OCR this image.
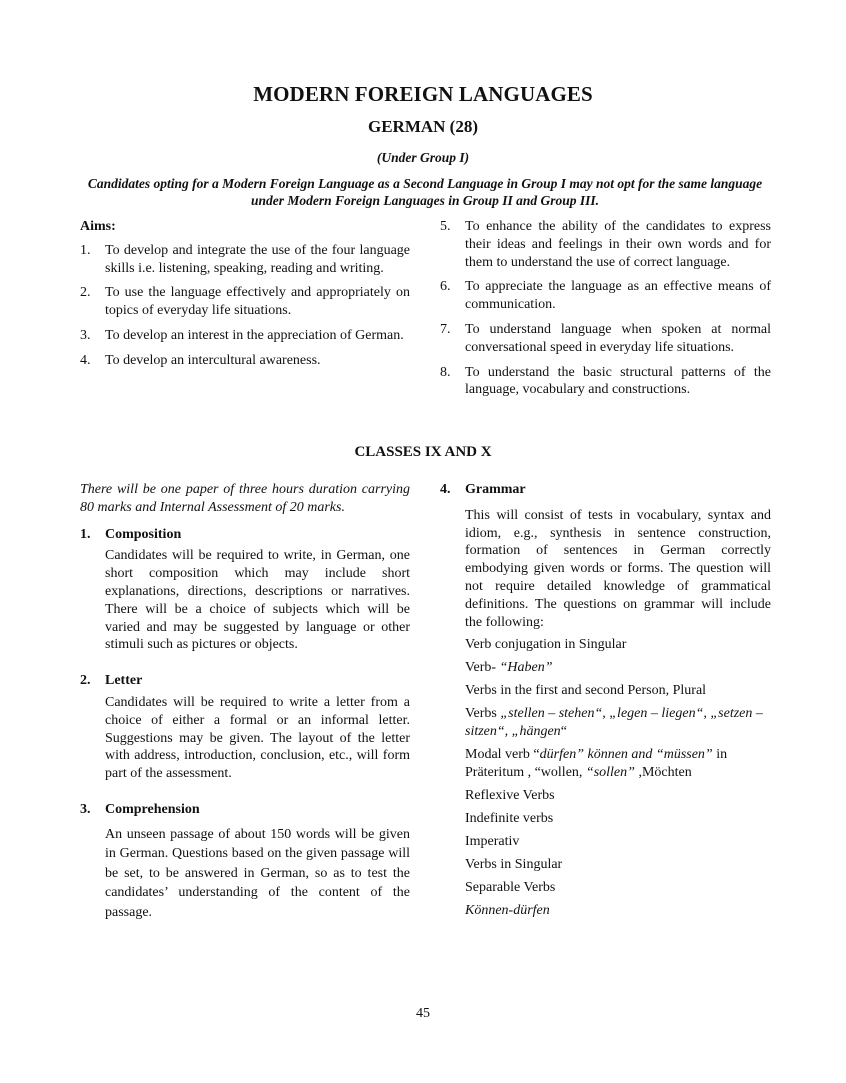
MODERN FOREIGN LANGUAGES
GERMAN (28)
(Under Group I)
Candidates opting for a Modern Foreign Language as a Second Language in Group I may not opt for the same language under Modern Foreign Languages in Group II and Group III.
Aims:
1. To develop and integrate the use of the four language skills i.e. listening, speaking, reading and writing.
2. To use the language effectively and appropriately on topics of everyday life situations.
3. To develop an interest in the appreciation of German.
4. To develop an intercultural awareness.
5. To enhance the ability of the candidates to express their ideas and feelings in their own words and for them to understand the use of correct language.
6. To appreciate the language as an effective means of communication.
7. To understand language when spoken at normal conversational speed in everyday life situations.
8. To understand the basic structural patterns of the language, vocabulary and constructions.
CLASSES IX AND X

There will be one paper of three hours duration carrying 80 marks and Internal Assessment of 20 marks.

1. Composition
Candidates will be required to write, in German, one short composition which may include short explanations, directions, descriptions or narratives. There will be a choice of subjects which will be varied and may be suggested by language or other stimuli such as pictures or objects.
2. Letter
Candidates will be required to write a letter from a choice of either a formal or an informal letter. Suggestions may be given. The layout of the letter with address, introduction, conclusion, etc., will form part of the assessment.
3. Comprehension
An unseen passage of about 150 words will be given in German. Questions based on the given passage will be set, to be answered in German, so as to test the candidates’ understanding of the content of the passage.
4. Grammar
This will consist of tests in vocabulary, syntax and idiom, e.g., synthesis in sentence construction, formation of sentences in German correctly embodying given words or forms. The question will not require detailed knowledge of grammatical definitions. The questions on grammar will include the following:
Verb conjugation in Singular
Verb- “Haben”
Verbs in the first and second Person, Plural
Verbs „stellen – stehen“, „legen – liegen“, „setzen – sitzen“, „hängen“
Modal verb “dürfen” können and “müssen” in Präteritum , “wollen, “sollen” ,Möchten
Reflexive Verbs
Indefinite verbs
Imperativ
Verbs in Singular
Separable Verbs
Können-dürfen
45
